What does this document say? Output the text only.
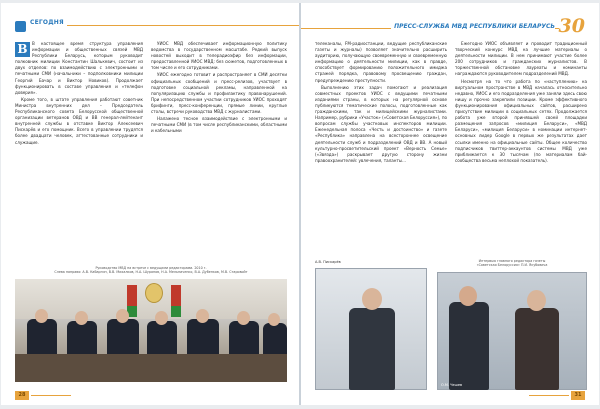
СЕГОДНЯ

В	В настоящее время структура управления информации и общественных связей МВД Республики Беларусь, которым руководит полковник милиции Константин Шалькевич, состоит из двух отделов: по взаимодействию с электронными и печатными СМИ (начальники – подполковники милиции Георгий Бачар и Виктор Новиков). Продолжает функционировать в составе управления и «телефон доверия».

Кроме того, в штате управления работают советник Министра внутренних дел – Председатель Республиканского совета Белорусской общественной организации ветеранов ОВД и ВВ генерал-лейтенант внутренней службы в отставке Виктор Алексеевич Пискарёв и его помощник. Всего в управлении трудятся более двадцати человек, аттестованные сотрудники и служащие.

УИОС МВД обеспечивает информационную политику ведомства в государственном масштабе. Редкий выпуск новостей выходит в телерадиоэфир без информации, предоставленной УИОС МВД: без сюжетов, подготовленных в том числе и его сотрудниками.

УИОС ежегодно готовит и распространяет в СМИ десятки официальных сообщений и пресс-релизов, участвует в подготовке социальной рекламы, направленной на популяризацию службы и профилактику правонарушений. При непосредственном участии сотрудников УИОС проходят брифинги, пресс-конференции, прямые линии, круглые столы, встречи руководства МВД с журналистами.

Налажено тесное взаимодействие с электронными и печатными СМИ (в том числе республиканскими, областными и кабельными

Руководство МВД на встрече с ведущими редакторами. 2010 г.
Слева направо: А.В. Кабаргин, В.В. Михалков, Н.А. Шуранов, Н.А. Мельниченко, В.А. Дубенков, М.В. Старовойт
28
ПРЕСС-СЛУЖБА МВД РЕСПУБЛИКИ БЕЛАРУСЬ 30

телеканалы, FM-радиостанции, ведущие республиканские газеты и журналы) позволяет значительно расширить аудиторию, получающую своевременную и своевременную информацию о деятельности милиции, как в правде, способствует формированию положительного имиджа стражей порядка, правовому просвещению граждан, предупреждению преступности.

Выполнению этих задач помогают и реализация совместных проектов УИОС с ведущими печатными изданиями страны, в которых на регулярной основе публикуются тематические полосы, подготовленные как гражданскими, так и милицейскими журналистами. Например, рубрики «Участок» («Советская Белоруссия»), по вопросам службы участковых инспекторов милиции. Еженедельная полоса «Честь и достоинство» и газете «Республика» направлена на всестороннее освещение деятельности служб и подразделений ОВД и ВВ. А новый культурно-просветительский проект «Верность Семье» («Звязда») раскрывает другую сторону жизни правоохранителей: увлечения, таланты...

Ежегодно УИОС объявляет и проводит традиционный творческий конкурс МВД на лучшие материалы о деятельности милиции. В нем принимают участие более 200 сотрудников и гражданских журналистов. В торжественной обстановке лауреаты и номинанты награждаются руководителем подразделений МВД.

Несмотря на то что работа по «наступлению» на виртуальном пространстве в МВД началась относительно недавно, УИОС и его подразделения уже заняли здесь свою нишу и прочно закрепили позиции. Кроме эффективного функционирования официальных сайтов, расширено присутствие милиции в социальных сетях. Продолжается работа уже второй принявшей своей площадки размещения запросов «милиция Беларуси», «МВД Беларуси», «милиция Беларуси» в номинации интернет-основных лидер Google в первых же результатах дает ссылки именно на официальные сайты. Общее количество подписчиков твиттер-аккаунтов системы МВД уже приближается к 30 тысячам (по материалам бай-сообщества весьма неплохой показатель).

А.В. Пискарёв	Интервью главного редактора газеты
«Советская Белоруссия» П.И. Якубовича
О.М. Чешев
31
